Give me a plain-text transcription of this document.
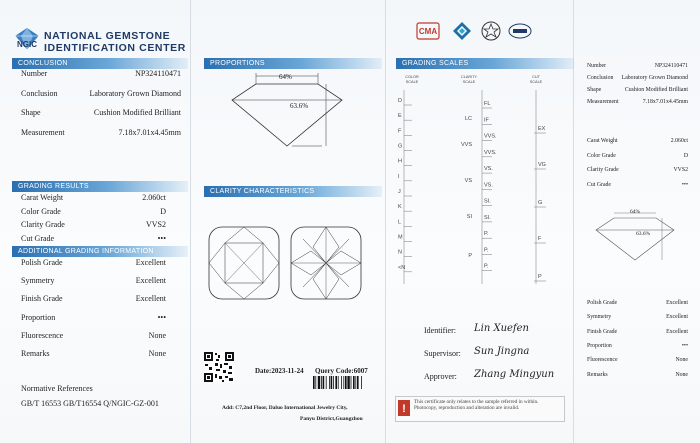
NATIONAL GEMSTONE
IDENTIFICATION CENTER
NGIC
CONCLUSION
Number	NP324110471
Conclusion	Laboratory Grown Diamond
Shape	Cushion Modified Brilliant
Measurement	7.18x7.01x4.45mm
GRADING RESULTS
Carat Weight	2.060ct
Color Grade	D
Clarity Grade	VVS2
Cut Grade	•••
ADDITIONAL GRADING INFORMATION
Polish Grade	Excellent
Symmetry	Excellent
Finish Grade	Excellent
Proportion	•••
Fluorescence	None
Remarks	None
Normative References
GB/T 16553 GB/T16554 Q/NGIC-GZ-001
PROPORTIONS
64%
63.6%
CLARITY CHARACTERISTICS
Date:2023-11-24 Query Code:6007
Add: C7,2nd Floor, Daluo International Jewelry City,
Panyu District,Guangzhou
CMA
GRADING SCALES
COLOR
SCALE
CLARITY
SCALE
CUT
SCALE
D
E
F
G
H
I
J
K
L
M
N
<N
FL
IF
VVS.
VVS.
VS.
VS.
SI.
SI.
P.
P.
P.
LC
VVS
VS
SI
P
EX
VG
G
F
P
Identifier: Lin Xuefen
Supervisor: Sun Jingna
Approver: Zhang Mingyun
!
This certificate only relates to the sample referred in within. Photocopy, reproduction and alteration are invalid.
Number	NP324110471
Conclusion Laboratory Grown Diamond
Shape	Cushion Modified Brilliant
Measurement	7.18x7.01x4.45mm
Carat Weight	2.060ct
Color Grade	D
Clarity Grade	VVS2
Cut Grade	•••
Polish Grade	Excellent
Symmetry	Excellent
Finish Grade	Excellent
Proportion	•••
Fluorescence	None
Remarks	None
64%
63.6%
